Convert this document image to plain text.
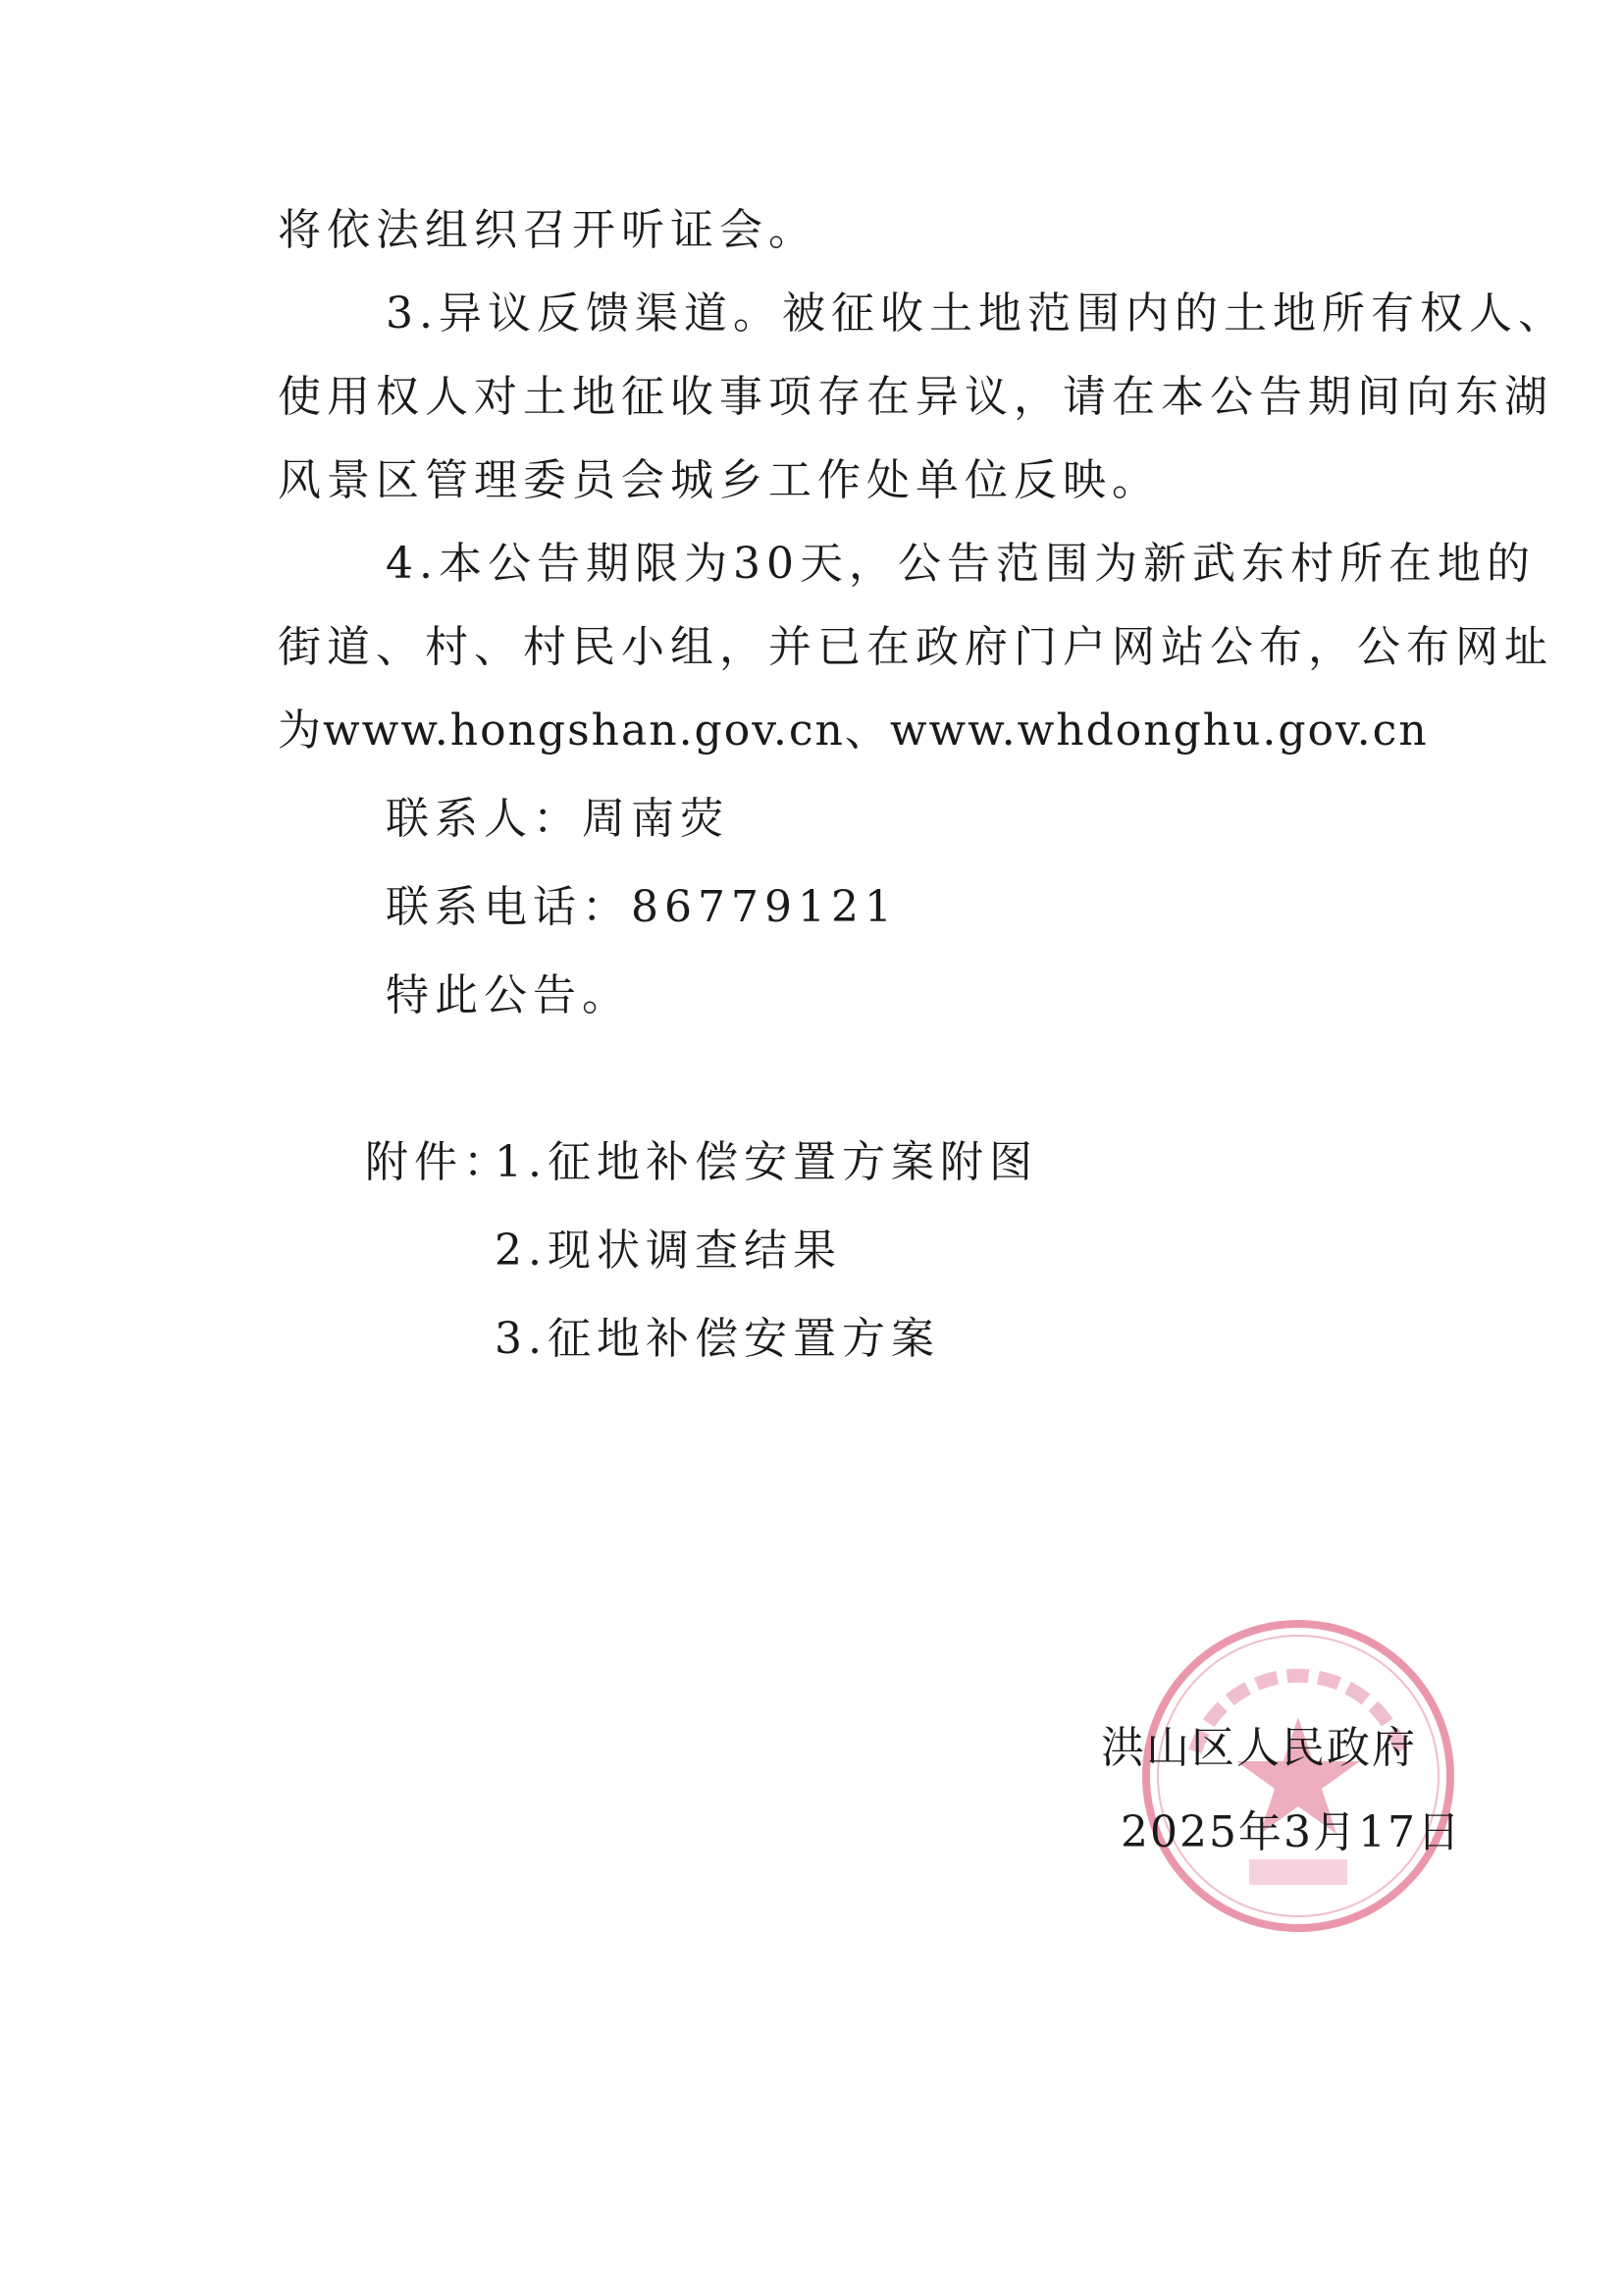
将依法组织召开听证会。
3.异议反馈渠道。被征收土地范围内的土地所有权人、
使用权人对土地征收事项存在异议，请在本公告期间向东湖
风景区管理委员会城乡工作处单位反映。
4.本公告期限为30天，公告范围为新武东村所在地的
街道、村、村民小组，并已在政府门户网站公布，公布网址
为www.hongshan.gov.cn、www.whdonghu.gov.cn
联系人：周南荧
联系电话：86779121
特此公告。
附件：
1.征地补偿安置方案附图
2.现状调查结果
3.征地补偿安置方案
洪山区人民政府
2025年3月17日
